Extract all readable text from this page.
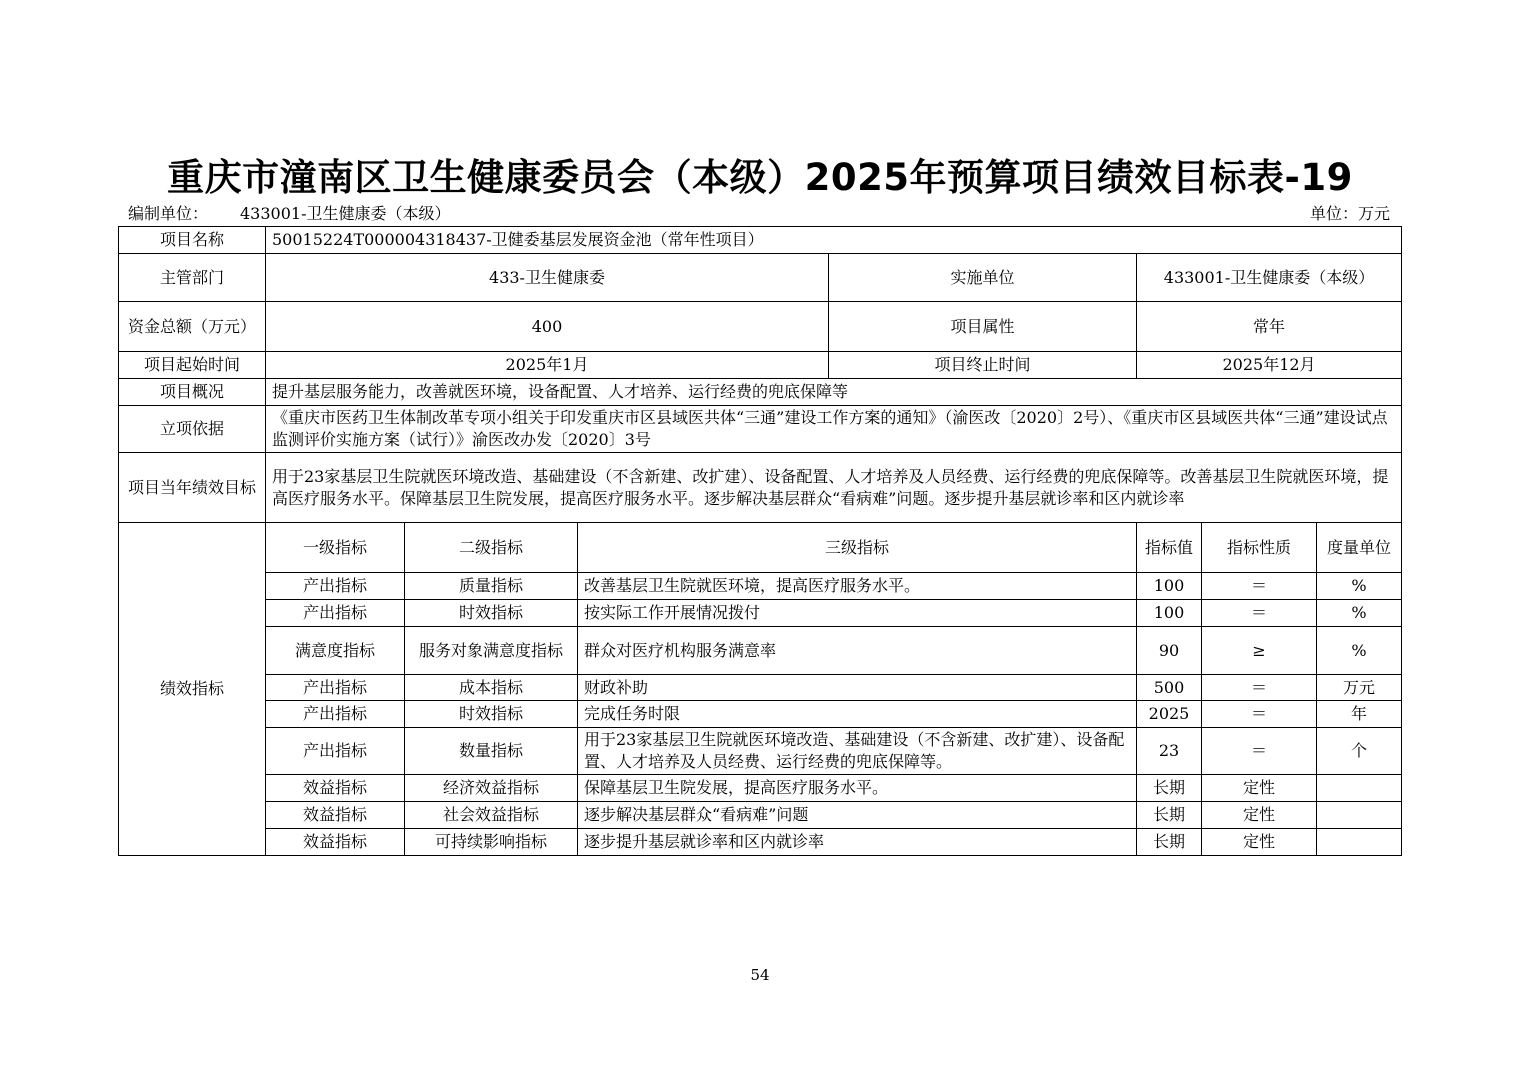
重庆市潼南区卫生健康委员会（本级）2025年预算项目绩效目标表-19
编制单位： 433001-卫生健康委（本级）	单位：万元
项目名称	50015224T000004318437-卫健委基层发展资金池（常年性项目）						
主管部门	433-卫生健康委			实施单位	433001-卫生健康委（本级）		
资金总额（万元）	400			项目属性	常年		
项目起始时间	2025年1月			项目终止时间	2025年12月		
项目概况	提升基层服务能力，改善就医环境，设备配置、人才培养、运行经费的兜底保障等						
立项依据	《重庆市医药卫生体制改革专项小组关于印发重庆市区县域医共体“三通”建设工作方案的通知》（渝医改〔2020〕2号）、《重庆市区县域医共体“三通”建设试点监测评价实施方案（试行）》渝医改办发〔2020〕3号						
项目当年绩效目标	用于23家基层卫生院就医环境改造、基础建设（不含新建、改扩建）、设备配置、人才培养及人员经费、运行经费的兜底保障等。改善基层卫生院就医环境，提高医疗服务水平。保障基层卫生院发展，提高医疗服务水平。逐步解决基层群众“看病难”问题。逐步提升基层就诊率和区内就诊率						
绩效指标	一级指标	二级指标	三级指标		指标值	指标性质	度量单位
	产出指标	质量指标	改善基层卫生院就医环境，提高医疗服务水平。		100	＝	%
	产出指标	时效指标	按实际工作开展情况拨付		100	＝	%
	满意度指标	服务对象满意度指标	群众对医疗机构服务满意率		90	≥	%
	产出指标	成本指标	财政补助		500	＝	万元
	产出指标	时效指标	完成任务时限		2025	＝	年
	产出指标	数量指标	用于23家基层卫生院就医环境改造、基础建设（不含新建、改扩建）、设备配置、人才培养及人员经费、运行经费的兜底保障等。		23	＝	个
	效益指标	经济效益指标	保障基层卫生院发展，提高医疗服务水平。		长期	定性	
	效益指标	社会效益指标	逐步解决基层群众“看病难”问题		长期	定性	
	效益指标	可持续影响指标	逐步提升基层就诊率和区内就诊率		长期	定性	
54
